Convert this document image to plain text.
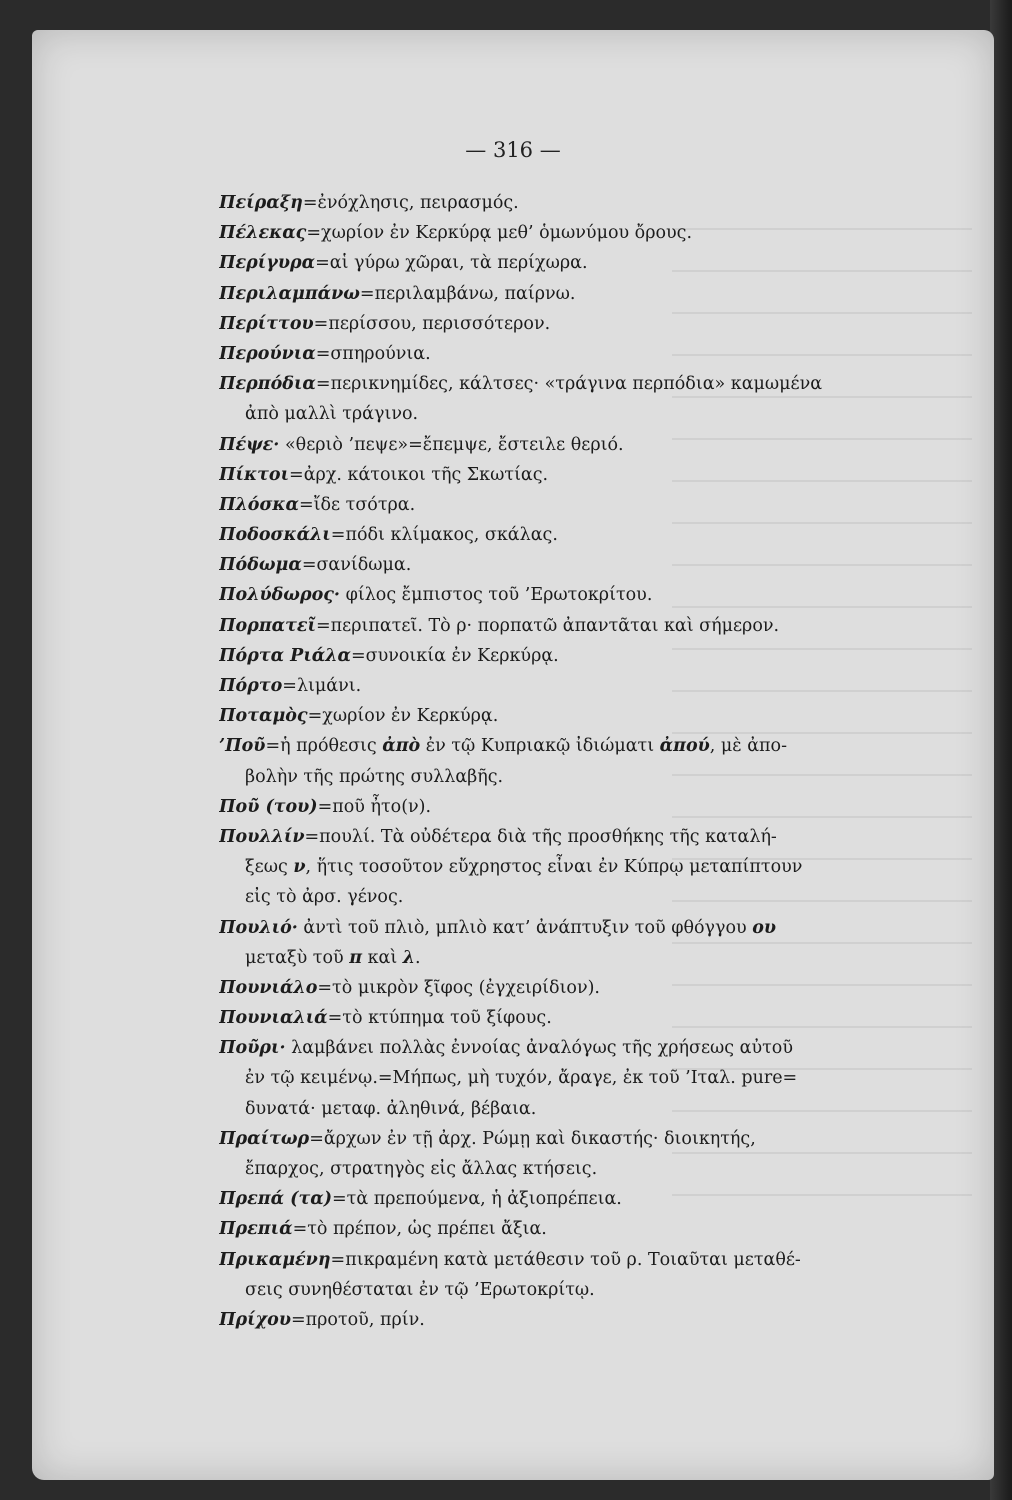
— 316 —
Πείραξη=ἐνόχλησις, πειρασμός.
Πέλεκας=χωρίον ἐν Κερκύρᾳ μεθ’ ὁμωνύμου ὄρους.
Περίγυρα=αἱ γύρω χῶραι, τὰ περίχωρα.
Περιλαμπάνω=περιλαμβάνω, παίρνω.
Περίττου=περίσσου, περισσότερον.
Περούνια=σπηρούνια.
Περπόδια=περικνημίδες, κάλτσες· «τράγινα περπόδια» καμωμένα
ἀπὸ μαλλὶ τράγινο.
Πέψε· «θεριὸ ’πεψε»=ἔπεμψε, ἔστειλε θεριό.
Πίκτοι=ἀρχ. κάτοικοι τῆς Σκωτίας.
Πλόσκα=ἴδε τσότρα.
Ποδοσκάλι=πόδι κλίμακος, σκάλας.
Πόδωμα=σανίδωμα.
Πολύδωρος· φίλος ἔμπιστος τοῦ ’Ερωτοκρίτου.
Πορπατεῖ=περιπατεῖ. Τὸ ρ· πορπατῶ ἀπαντᾶται καὶ σήμερον.
Πόρτα Ριάλα=συνοικία ἐν Κερκύρᾳ.
Πόρτο=λιμάνι.
Ποταμὸς=χωρίον ἐν Κερκύρᾳ.
’Ποῦ=ἡ πρόθεσις ἀπὸ ἐν τῷ Κυπριακῷ ἰδιώματι ἀπού, μὲ ἀπο-
βολὴν τῆς πρώτης συλλαβῆς.
Ποῦ (του)=ποῦ ἦτο(ν).
Πουλλίν=πουλί. Τὰ οὐδέτερα διὰ τῆς προσθήκης τῆς καταλή-
ξεως ν, ἥτις τοσοῦτον εὔχρηστος εἶναι ἐν Κύπρῳ μεταπίπτουν
εἰς τὸ ἀρσ. γένος.
Πουλιό· ἀντὶ τοῦ πλιὸ, μπλιὸ κατ’ ἀνάπτυξιν τοῦ φθόγγου ου
μεταξὺ τοῦ π καὶ λ.
Πουνιάλο=τὸ μικρὸν ξῖφος (ἐγχειρίδιον).
Πουνιαλιά=τὸ κτύπημα τοῦ ξίφους.
Ποῦρι· λαμβάνει πολλὰς ἐννοίας ἀναλόγως τῆς χρήσεως αὐτοῦ
ἐν τῷ κειμένῳ.=Μήπως, μὴ τυχόν, ἄραγε, ἐκ τοῦ ’Ιταλ. pure=
δυνατά· μεταφ. ἀληθινά, βέβαια.
Πραίτωρ=ἄρχων ἐν τῇ ἀρχ. Ρώμῃ καὶ δικαστής· διοικητής,
ἔπαρχος, στρατηγὸς εἰς ἄλλας κτήσεις.
Πρεπά (τα)=τὰ πρεπούμενα, ἡ ἀξιοπρέπεια.
Πρεπιά=τὸ πρέπον, ὡς πρέπει ἄξια.
Πρικαμένη=πικραμένη κατὰ μετάθεσιν τοῦ ρ. Τοιαῦται μεταθέ-
σεις συνηθέσταται ἐν τῷ ’Ερωτοκρίτῳ.
Πρίχου=προτοῦ, πρίν.
